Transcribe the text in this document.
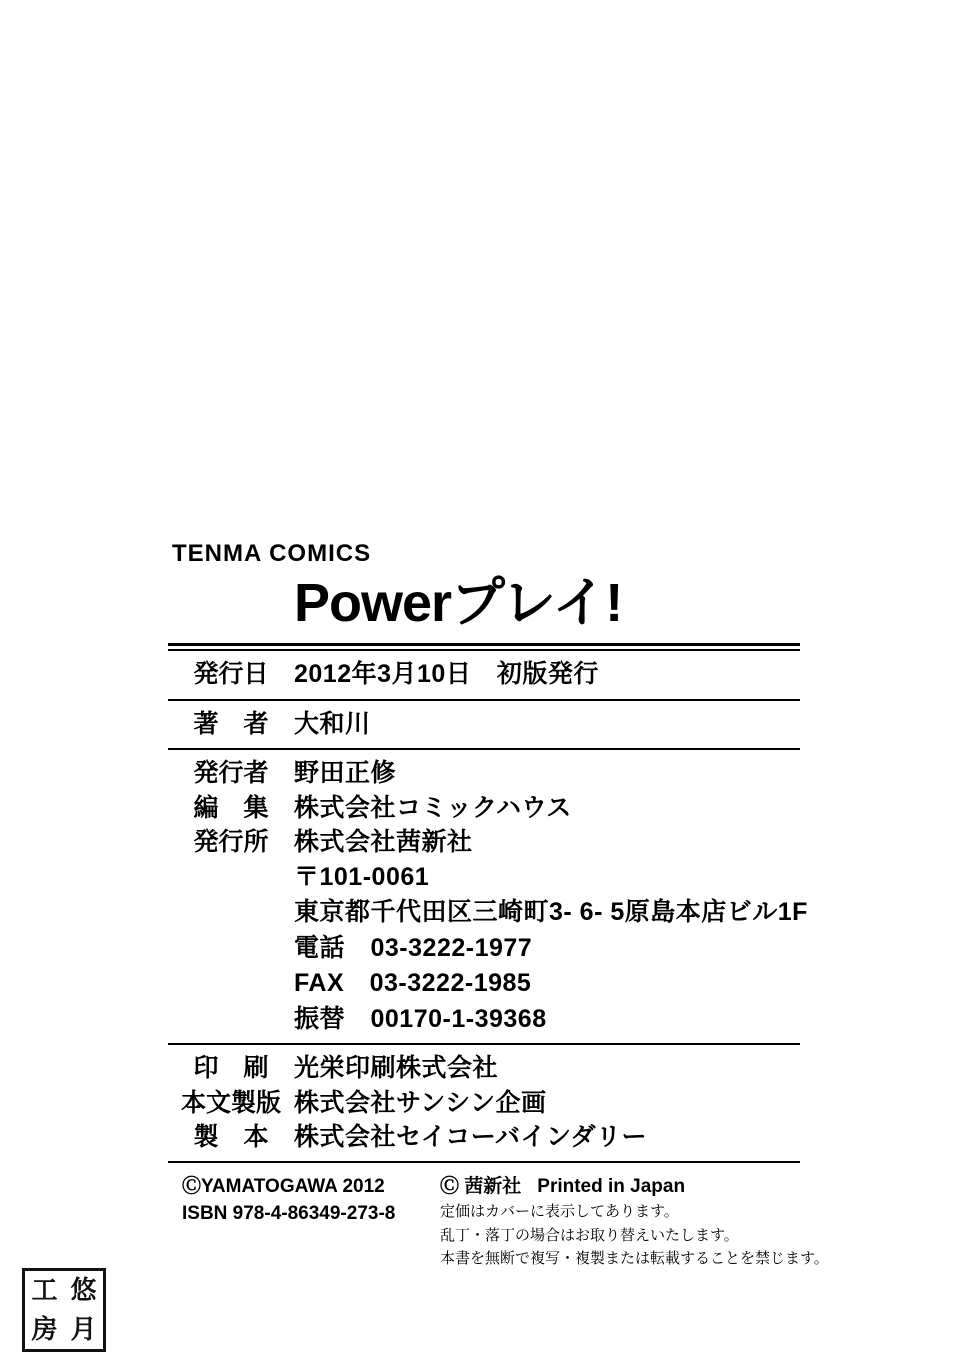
TENMA COMICS
Powerプレイ!
発行日	2012年3月10日　初版発行
著　者	大和川
発行者	野田正修
編　集	株式会社コミックハウス
発行所	株式会社茜新社
〒101-0061
東京都千代田区三崎町3- 6- 5原島本店ビル1F
電話　03-3222-1977
FAX　03-3222-1985
振替　00170-1-39368
印　刷	光栄印刷株式会社
本文製版 株式会社サンシン企画
製　本	株式会社セイコーバインダリー
ⒸYAMATOGAWA 2012
ISBN 978-4-86349-273-8
Ⓒ 茜新社 Printed in Japan
定価はカバーに表示してあります。
乱丁・落丁の場合はお取り替えいたします。
本書を無断で複写・複製または転載することを禁じます。
工 悠
房 月
